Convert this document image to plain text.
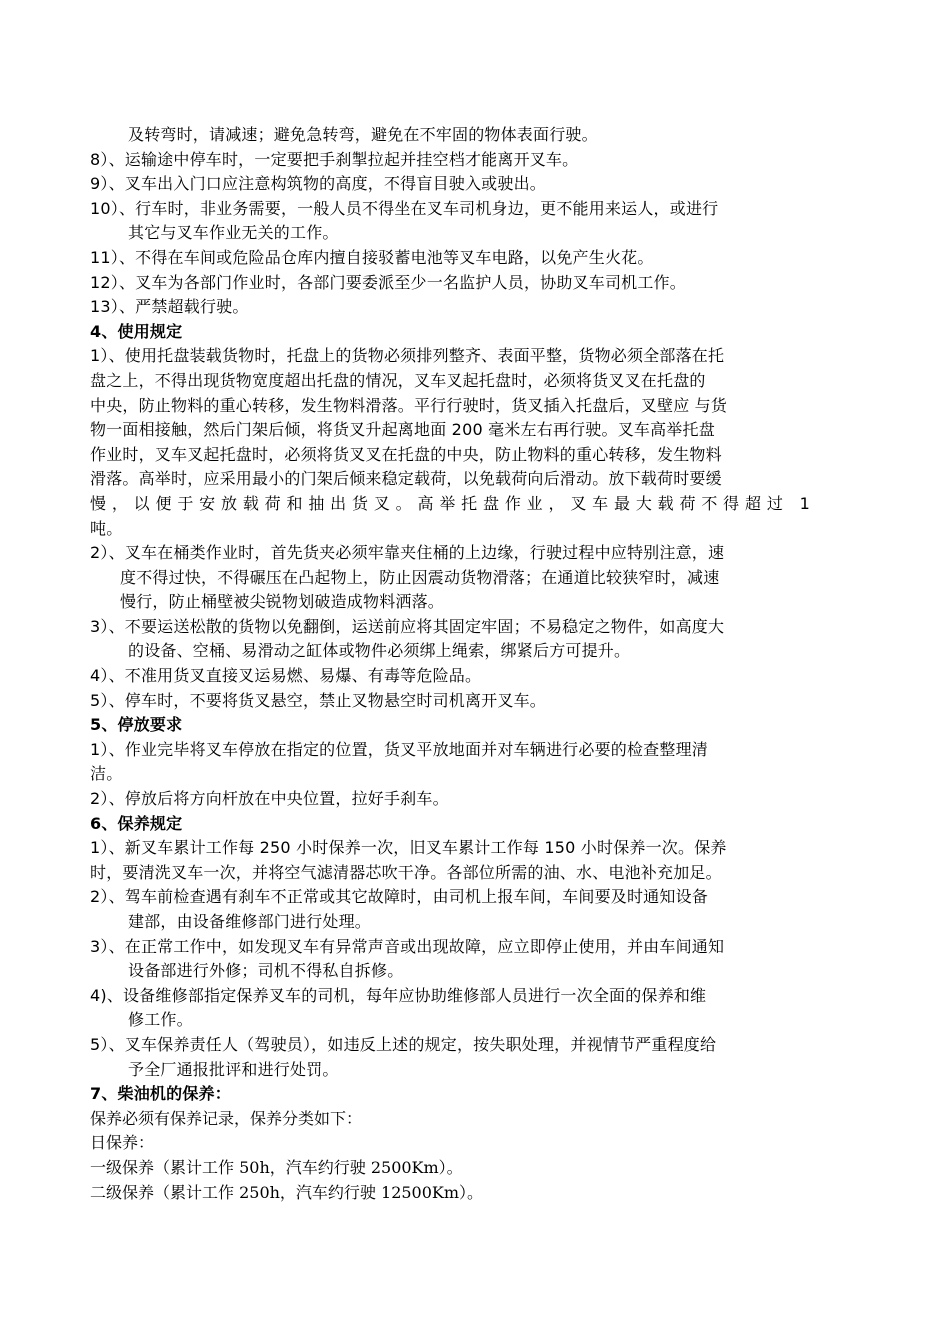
及转弯时，请减速；避免急转弯，避免在不牢固的物体表面行驶。
8）、运输途中停车时，一定要把手刹掣拉起并挂空档才能离开叉车。
9）、叉车出入门口应注意构筑物的高度，不得盲目驶入或驶出。
10）、行车时，非业务需要，一般人员不得坐在叉车司机身边，更不能用来运人，或进行
其它与叉车作业无关的工作。
11）、不得在车间或危险品仓库内擅自接驳蓄电池等叉车电路，以免产生火花。
12）、叉车为各部门作业时，各部门要委派至少一名监护人员，协助叉车司机工作。
13）、严禁超载行驶。
4、使用规定
1）、使用托盘装载货物时，托盘上的货物必须排列整齐、表面平整，货物必须全部落在托
盘之上，不得出现货物宽度超出托盘的情况，叉车叉起托盘时，必须将货叉叉在托盘的
中央，防止物料的重心转移，发生物料滑落。平行行驶时，货叉插入托盘后，叉壁应 与货
物一面相接触，然后门架后倾，将货叉升起离地面 200 毫米左右再行驶。叉车高举托盘
作业时，叉车叉起托盘时，必须将货叉叉在托盘的中央，防止物料的重心转移，发生物料
滑落。高举时，应采用最小的门架后倾来稳定载荷，以免载荷向后滑动。放下载荷时要缓
慢，以便于安放载荷和抽出货叉。高举托盘作业，叉车最大载荷不得超过 1
吨。
2）、叉车在桶类作业时，首先货夹必须牢靠夹住桶的上边缘，行驶过程中应特别注意，速
度不得过快，不得碾压在凸起物上，防止因震动货物滑落；在通道比较狭窄时，减速
慢行，防止桶壁被尖锐物划破造成物料洒落。
3）、不要运送松散的货物以免翻倒，运送前应将其固定牢固；不易稳定之物件，如高度大
的设备、空桶、易滑动之缸体或物件必须绑上绳索，绑紧后方可提升。
4）、不准用货叉直接叉运易燃、易爆、有毒等危险品。
5）、停车时，不要将货叉悬空，禁止叉物悬空时司机离开叉车。
5、停放要求
1）、作业完毕将叉车停放在指定的位置，货叉平放地面并对车辆进行必要的检查整理清
洁。
2）、停放后将方向杆放在中央位置，拉好手刹车。
6、保养规定
1）、新叉车累计工作每 250 小时保养一次，旧叉车累计工作每 150 小时保养一次。保养
时，要清洗叉车一次，并将空气滤清器芯吹干净。各部位所需的油、水、电池补充加足。
2）、驾车前检查遇有刹车不正常或其它故障时，由司机上报车间，车间要及时通知设备
建部，由设备维修部门进行处理。
3）、在正常工作中，如发现叉车有异常声音或出现故障，应立即停止使用，并由车间通知
设备部进行外修；司机不得私自拆修。
4)、设备维修部指定保养叉车的司机，每年应协助维修部人员进行一次全面的保养和维
修工作。
5）、叉车保养责任人（驾驶员），如违反上述的规定，按失职处理，并视情节严重程度给
予全厂通报批评和进行处罚。
7、柴油机的保养：
保养必须有保养记录，保养分类如下：
日保养：
一级保养（累计工作 50h，汽车约行驶 2500Km）。
二级保养（累计工作 250h，汽车约行驶 12500Km）。
